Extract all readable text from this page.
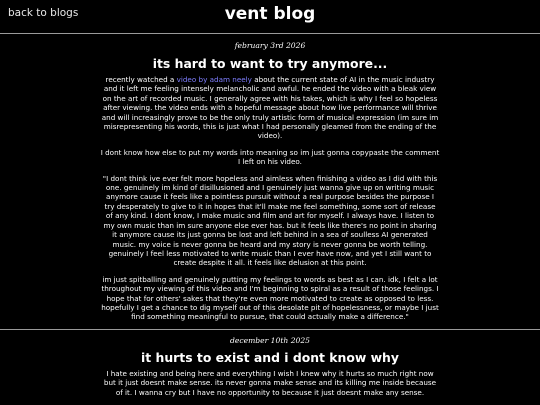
back to blogs	vent blog
february 3rd 2026
its hard to want to try anymore...

recently watched a video by adam neely about the current state of AI in the music industry and it left me feeling intensely melancholic and awful. he ended the video with a bleak view on the art of recorded music. I generally agree with his takes, which is why I feel so hopeless after viewing. the video ends with a hopeful message about how live performance will thrive and will increasingly prove to be the only truly artistic form of musical expression (im sure im misrepresenting his words, this is just what I had personally gleamed from the ending of the video).

I dont know how else to put my words into meaning so im just gonna copypaste the comment I left on his video.

"I dont think ive ever felt more hopeless and aimless when finishing a video as I did with this one. genuinely im kind of disillusioned and I genuinely just wanna give up on writing music anymore cause it feels like a pointless pursuit without a real purpose besides the purpose I try desperately to give to it in hopes that it'll make me feel something, some sort of release of any kind. I dont know, I make music and film and art for myself. I always have. I listen to my own music than im sure anyone else ever has. but it feels like there's no point in sharing it anymore cause its just gonna be lost and left behind in a sea of soulless AI generated music. my voice is never gonna be heard and my story is never gonna be worth telling. genuinely I feel less motivated to write music than I ever have now, and yet I still want to create despite it all. it feels like delusion at this point.

im just spitballing and genuinely putting my feelings to words as best as I can. idk, I felt a lot throughout my viewing of this video and I'm beginning to spiral as a result of those feelings. I hope that for others' sakes that they're even more motivated to create as opposed to less. hopefully I get a chance to dig myself out of this desolate pit of hopelessness, or maybe I just find something meaningful to pursue, that could actually make a difference."

december 10th 2025
it hurts to exist and i dont know why

I hate existing and being here and everything I wish I knew why it hurts so much right now but it just doesnt make sense. its never gonna make sense and its killing me inside because of it. I wanna cry but I have no opportunity to because it just doesnt make any sense.
